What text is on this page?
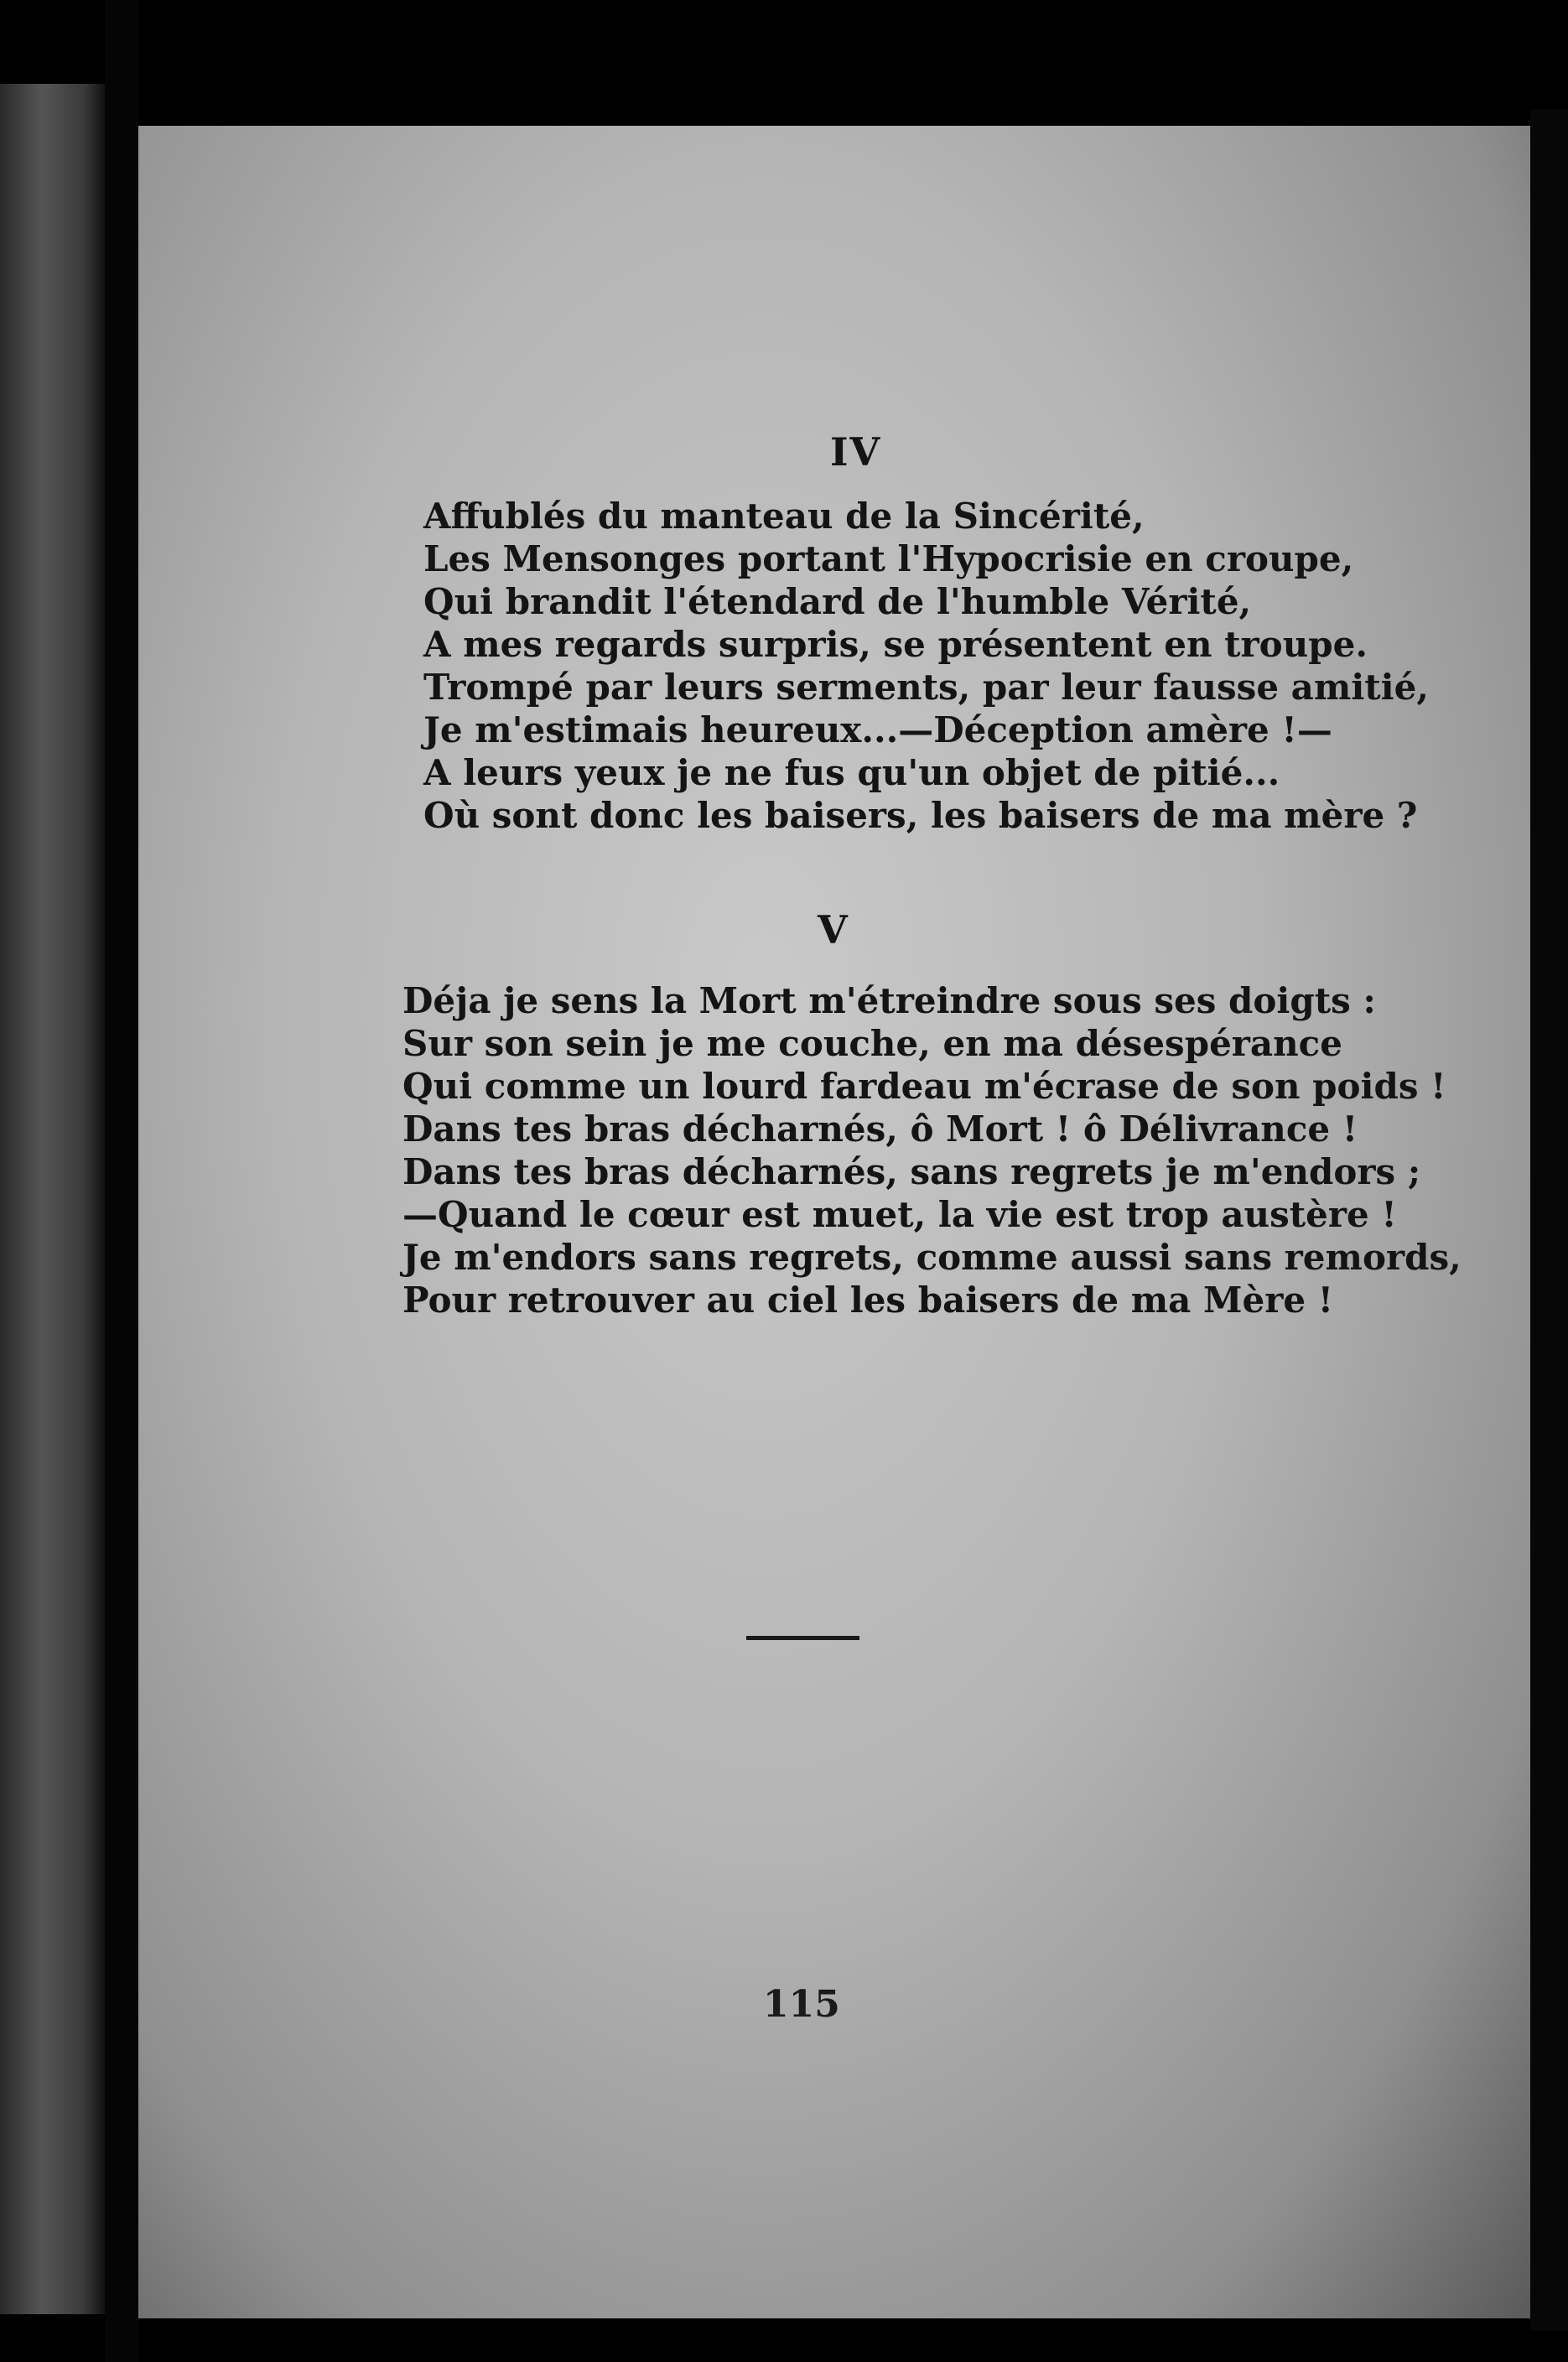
IV
Affublés du manteau de la Sincérité,
Les Mensonges portant l'Hypocrisie en croupe,
Qui brandit l'étendard de l'humble Vérité,
A mes regards surpris, se présentent en troupe.
Trompé par leurs serments, par leur fausse amitié,
Je m'estimais heureux...—Déception amère !—
A leurs yeux je ne fus qu'un objet de pitié...
Où sont donc les baisers, les baisers de ma mère ?
V
Déja je sens la Mort m'étreindre sous ses doigts :
Sur son sein je me couche, en ma désespérance
Qui comme un lourd fardeau m'écrase de son poids !
Dans tes bras décharnés, ô Mort ! ô Délivrance !
Dans tes bras décharnés, sans regrets je m'endors ;
—Quand le cœur est muet, la vie est trop austère !
Je m'endors sans regrets, comme aussi sans remords,
Pour retrouver au ciel les baisers de ma Mère !
115
